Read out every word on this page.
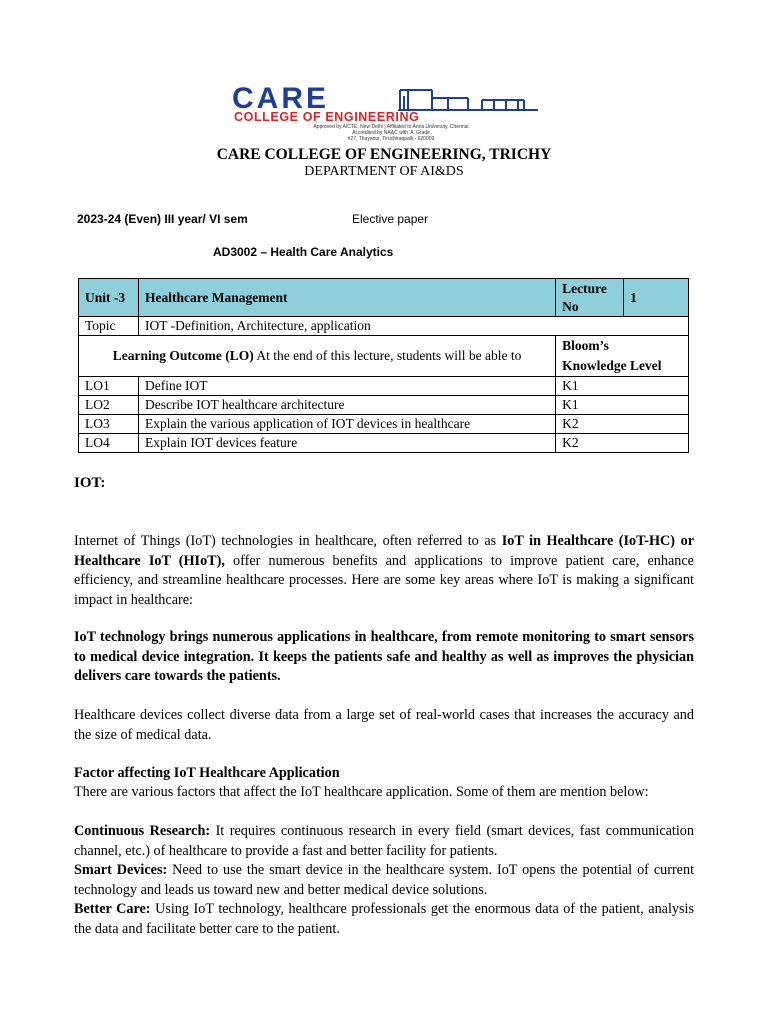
CARE
COLLEGE OF ENGINEERING
Approved by AICTE, New Delhi | Affiliated to Anna University, Chennai
Accredited by NAAC with 'A' Grade
#27, Thayanur, Tiruchirappalli - 620009
CARE COLLEGE OF ENGINEERING, TRICHY
DEPARTMENT OF AI&DS
2023-24 (Even) III year/ VI sem	Elective paper
AD3002 – Health Care Analytics
Unit -3	Healthcare Management	Lecture
No	1
Topic	IOT -Definition, Architecture, application		
Learning Outcome (LO) At the end of this lecture, students will be able to		Bloom’s
Knowledge Level	

LO1	Define IOT	K1	
LO2	Describe IOT healthcare architecture	K1	
LO3	Explain the various application of IOT devices in healthcare	K2	
LO4	Explain IOT devices feature	K2	
IOT:
Internet of Things (IoT) technologies in healthcare, often referred to as IoT in Healthcare (IoT-HC) or Healthcare IoT (HIoT), offer numerous benefits and applications to improve patient care, enhance efficiency, and streamline healthcare processes. Here are some key areas where IoT is making a significant impact in healthcare:
IoT technology brings numerous applications in healthcare, from remote monitoring to smart sensors to medical device integration. It keeps the patients safe and healthy as well as improves the physician delivers care towards the patients.
Healthcare devices collect diverse data from a large set of real-world cases that increases the accuracy and the size of medical data.
Factor affecting IoT Healthcare Application
There are various factors that affect the IoT healthcare application. Some of them are mention below:
Continuous Research: It requires continuous research in every field (smart devices, fast communication channel, etc.) of healthcare to provide a fast and better facility for patients.
Smart Devices: Need to use the smart device in the healthcare system. IoT opens the potential of current technology and leads us toward new and better medical device solutions.
Better Care: Using IoT technology, healthcare professionals get the enormous data of the patient, analysis the data and facilitate better care to the patient.
